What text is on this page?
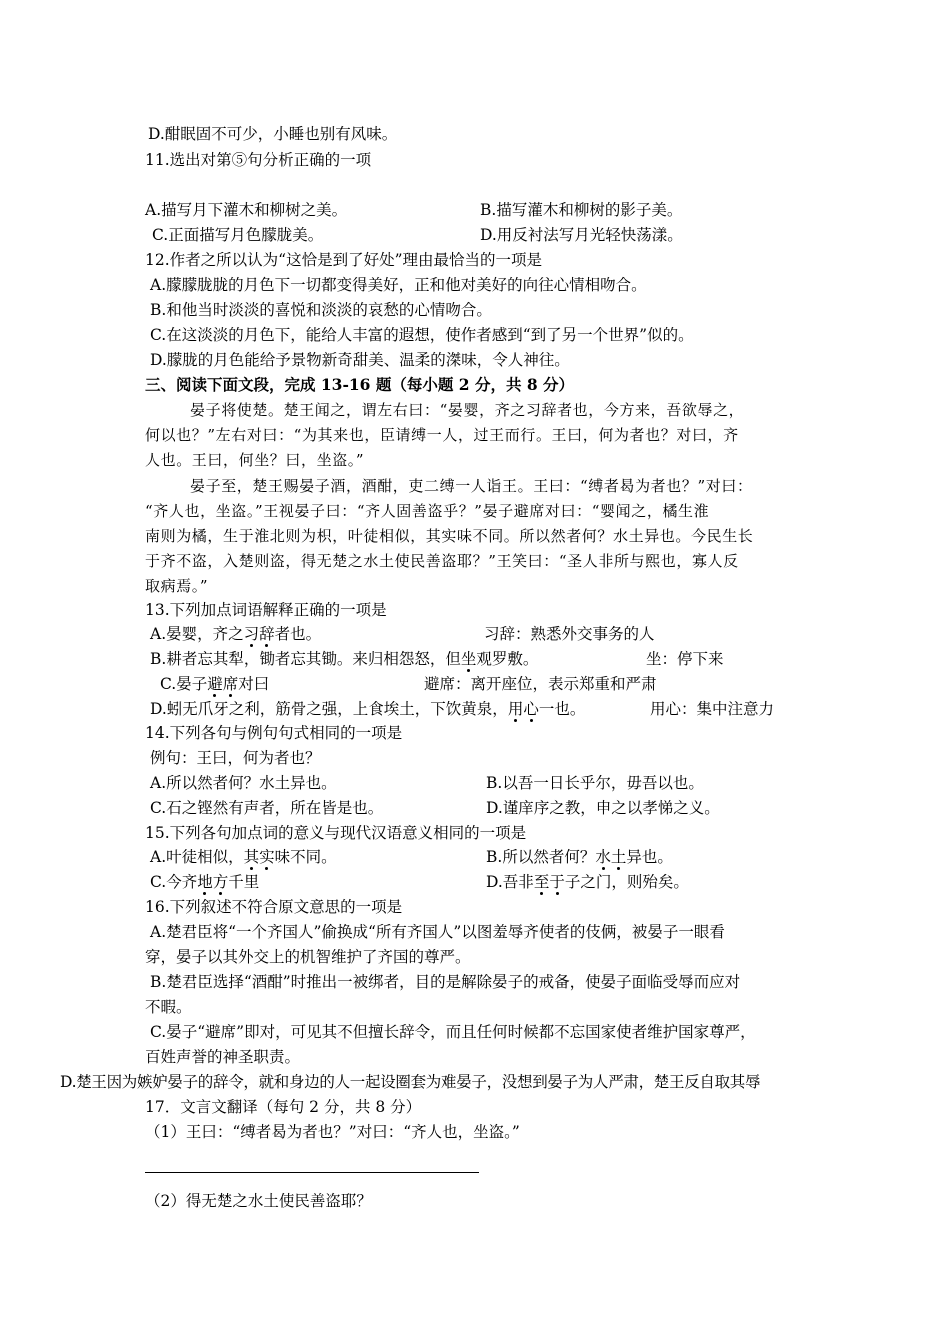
D.酣眠固不可少，小睡也别有风味。
11.选出对第⑤句分析正确的一项
A.描写月下灌木和柳树之美。	B.描写灌木和柳树的影子美。
C.正面描写月色朦胧美。	D.用反衬法写月光轻快荡漾。
12.作者之所以认为“这恰是到了好处”理由最恰当的一项是
A.朦朦胧胧的月色下一切都变得美好，正和他对美好的向往心情相吻合。
B.和他当时淡淡的喜悦和淡淡的哀愁的心情吻合。
C.在这淡淡的月色下，能给人丰富的遐想，使作者感到“到了另一个世界”似的。
D.朦胧的月色能给予景物新奇甜美、温柔的滐味，令人神往。
三、阅读下面文段，完成 13-16 题（每小题 2 分，共 8 分）
晏子将使楚。楚王闻之，谓左右曰：“晏婴，齐之习辞者也，今方来，吾欲辱之，
何以也？”左右对曰：“为其来也，臣请缚一人，过王而行。王曰，何为者也？对曰，齐
人也。王曰，何坐？曰，坐盗。”
晏子至，楚王赐晏子酒，酒酣，吏二缚一人诣王。王曰：“缚者曷为者也？”对曰：
“齐人也，坐盗。”王视晏子曰：“齐人固善盗乎？”晏子避席对曰：“婴闻之，橘生淮
南则为橘，生于淮北则为枳，叶徒相似，其实味不同。所以然者何？水土异也。今民生长
于齐不盗，入楚则盗，得无楚之水土使民善盗耶？”王笑曰：“圣人非所与熙也，寡人反
取病焉。”
13.下列加点词语解释正确的一项是
A.晏婴，齐之习辞者也。	习辞：熟悉外交事务的人
B.耕者忘其犁，锄者忘其锄。来归相怨怒，但坐观罗敷。	坐：停下来
C.晏子避席对曰	避席：离开座位，表示郑重和严肃
D.蚓无爪牙之利，筋骨之强，上食埃土，下饮黄泉，用心一也。	用心：集中注意力
14.下列各句与例句句式相同的一项是
例句：王曰，何为者也？
A.所以然者何？水土异也。	B.以吾一日长乎尔，毋吾以也。
C.石之铿然有声者，所在皆是也。	D.谨庠序之教，申之以孝悌之义。
15.下列各句加点词的意义与现代汉语意义相同的一项是
A.叶徒相似，其实味不同。	B.所以然者何？水土异也。
C.今齐地方千里	D.吾非至于子之门，则殆矣。
16.下列叙述不符合原文意思的一项是
A.楚君臣将“一个齐国人”偷换成“所有齐国人”以图羞辱齐使者的伎俩，被晏子一眼看
穿，晏子以其外交上的机智维护了齐国的尊严。
B.楚君臣选择“酒酣”时推出一被绑者，目的是解除晏子的戒备，使晏子面临受辱而应对
不暇。
C.晏子“避席”即对，可见其不但擅长辞令，而且任何时候都不忘国家使者维护国家尊严，
百姓声誉的神圣职责。
D.楚王因为嫉妒晏子的辞令，就和身边的人一起设圈套为难晏子，没想到晏子为人严肃，楚王反自取其辱
17．文言文翻译（每句 2 分，共 8 分）
（1）王曰：“缚者曷为者也？”对曰：“齐人也，坐盗。”
（2）得无楚之水土使民善盗耶？
